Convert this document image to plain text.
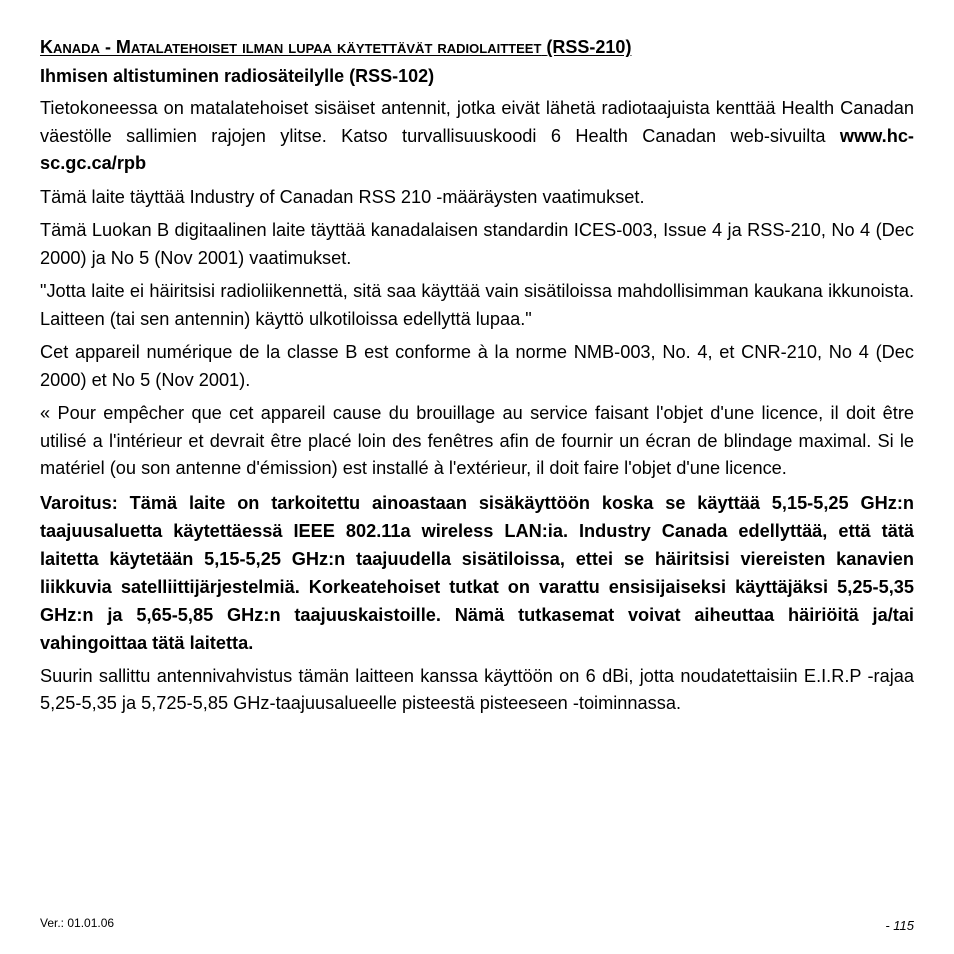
Kanada - Matalatehoiset ilman lupaa käytettävät radiolaitteet (RSS-210)
Ihmisen altistuminen radiosäteilylle (RSS-102)

Tietokoneessa on matalatehoiset sisäiset antennit, jotka eivät lähetä radiotaajuista kenttää Health Canadan väestölle sallimien rajojen ylitse. Katso turvallisuuskoodi 6 Health Canadan web-sivuilta www.hc-sc.gc.ca/rpb

Tämä laite täyttää Industry of Canadan RSS 210 -määräysten vaatimukset.

Tämä Luokan B digitaalinen laite täyttää kanadalaisen standardin ICES-003, Issue 4 ja RSS-210, No 4 (Dec 2000) ja No 5 (Nov 2001) vaatimukset.

"Jotta laite ei häiritsisi radioliikennettä, sitä saa käyttää vain sisätiloissa mahdollisimman kaukana ikkunoista. Laitteen (tai sen antennin) käyttö ulkotiloissa edellyttä lupaa."

Cet appareil numérique de la classe B est conforme à la norme NMB-003, No. 4, et CNR-210, No 4 (Dec 2000) et No 5 (Nov 2001).

« Pour empêcher que cet appareil cause du brouillage au service faisant l'objet d'une licence, il doit être utilisé a l'intérieur et devrait être placé loin des fenêtres afin de fournir un écran de blindage maximal. Si le matériel (ou son antenne d'émission) est installé à l'extérieur, il doit faire l'objet d'une licence.

Varoitus: Tämä laite on tarkoitettu ainoastaan sisäkäyttöön koska se käyttää 5,15-5,25 GHz:n taajuusaluetta käytettäessä IEEE 802.11a wireless LAN:ia. Industry Canada edellyttää, että tätä laitetta käytetään 5,15-5,25 GHz:n taajuudella sisätiloissa, ettei se häiritsisi viereisten kanavien liikkuvia satelliittijärjestelmiä. Korkeatehoiset tutkat on varattu ensisijaiseksi käyttäjäksi 5,25-5,35 GHz:n ja 5,65-5,85 GHz:n taajuuskaistoille. Nämä tutkasemat voivat aiheuttaa häiriöitä ja/tai vahingoittaa tätä laitetta.

Suurin sallittu antennivahvistus tämän laitteen kanssa käyttöön on 6 dBi, jotta noudatettaisiin E.I.R.P -rajaa 5,25-5,35 ja 5,725-5,85 GHz-taajuusalueelle pisteestä pisteeseen -toiminnassa.

Ver.: 01.01.06	- 115
